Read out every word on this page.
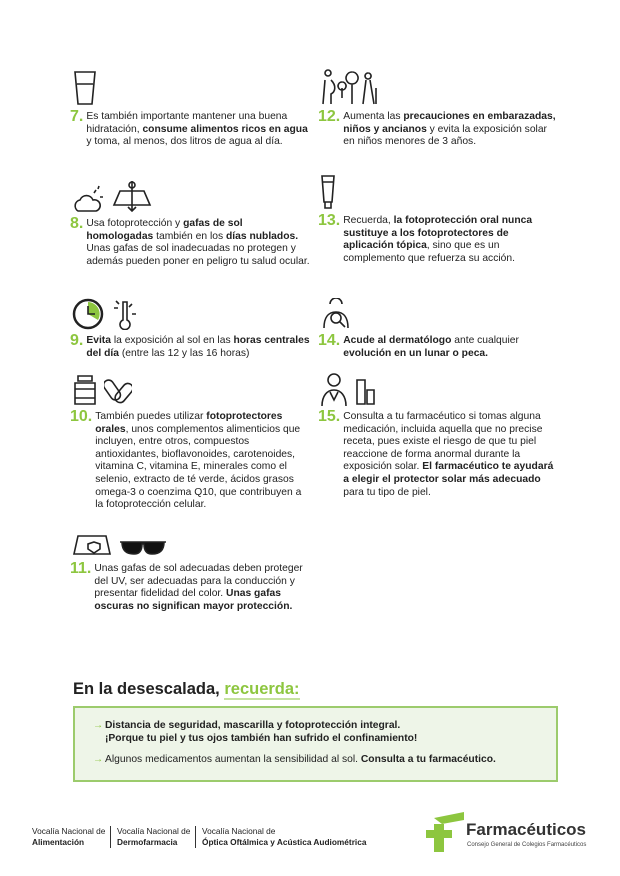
7. Es también importante mantener una buena hidratación, consume alimentos ricos en agua y toma, al menos, dos litros de agua al día.
8. Usa fotoprotección y gafas de sol homologadas también en los días nublados. Unas gafas de sol inadecuadas no protegen y además pueden poner en peligro tu salud ocular.
9. Evita la exposición al sol en las horas centrales del día (entre las 12 y las 16 horas)
10. También puedes utilizar fotoprotectores orales, unos complementos alimenticios que incluyen, entre otros, compuestos antioxidantes, bioflavonoides, carotenoides, vitamina C, vitamina E, minerales como el selenio, extracto de té verde, ácidos grasos omega-3 o coenzima Q10, que contribuyen a la fotoprotección celular.
11. Unas gafas de sol adecuadas deben proteger del UV, ser adecuadas para la conducción y presentar fidelidad del color. Unas gafas oscuras no significan mayor protección.
12. Aumenta las precauciones en embarazadas, niños y ancianos y evita la exposición solar en niños menores de 3 años.
13. Recuerda, la fotoprotección oral nunca sustituye a los fotoprotectores de aplicación tópica, sino que es un complemento que refuerza su acción.
14. Acude al dermatólogo ante cualquier evolución en un lunar o peca.
15. Consulta a tu farmacéutico si tomas alguna medicación, incluida aquella que no precise receta, pues existe el riesgo de que tu piel reaccione de forma anormal durante la exposición solar. El farmacéutico te ayudará a elegir el protector solar más adecuado para tu tipo de piel.
En la desescalada, recuerda:
→ Distancia de seguridad, mascarilla y fotoprotección integral.
¡Porque tu piel y tus ojos también han sufrido el confinamiento!
→ Algunos medicamentos aumentan la sensibilidad al sol. Consulta a tu farmacéutico.
Vocalía Nacional de
Alimentación
Vocalía Nacional de
Dermofarmacia
Vocalía Nacional de
Óptica Oftálmica y Acústica Audiométrica
Farmacéuticos
Consejo General de Colegios Farmacéuticos
